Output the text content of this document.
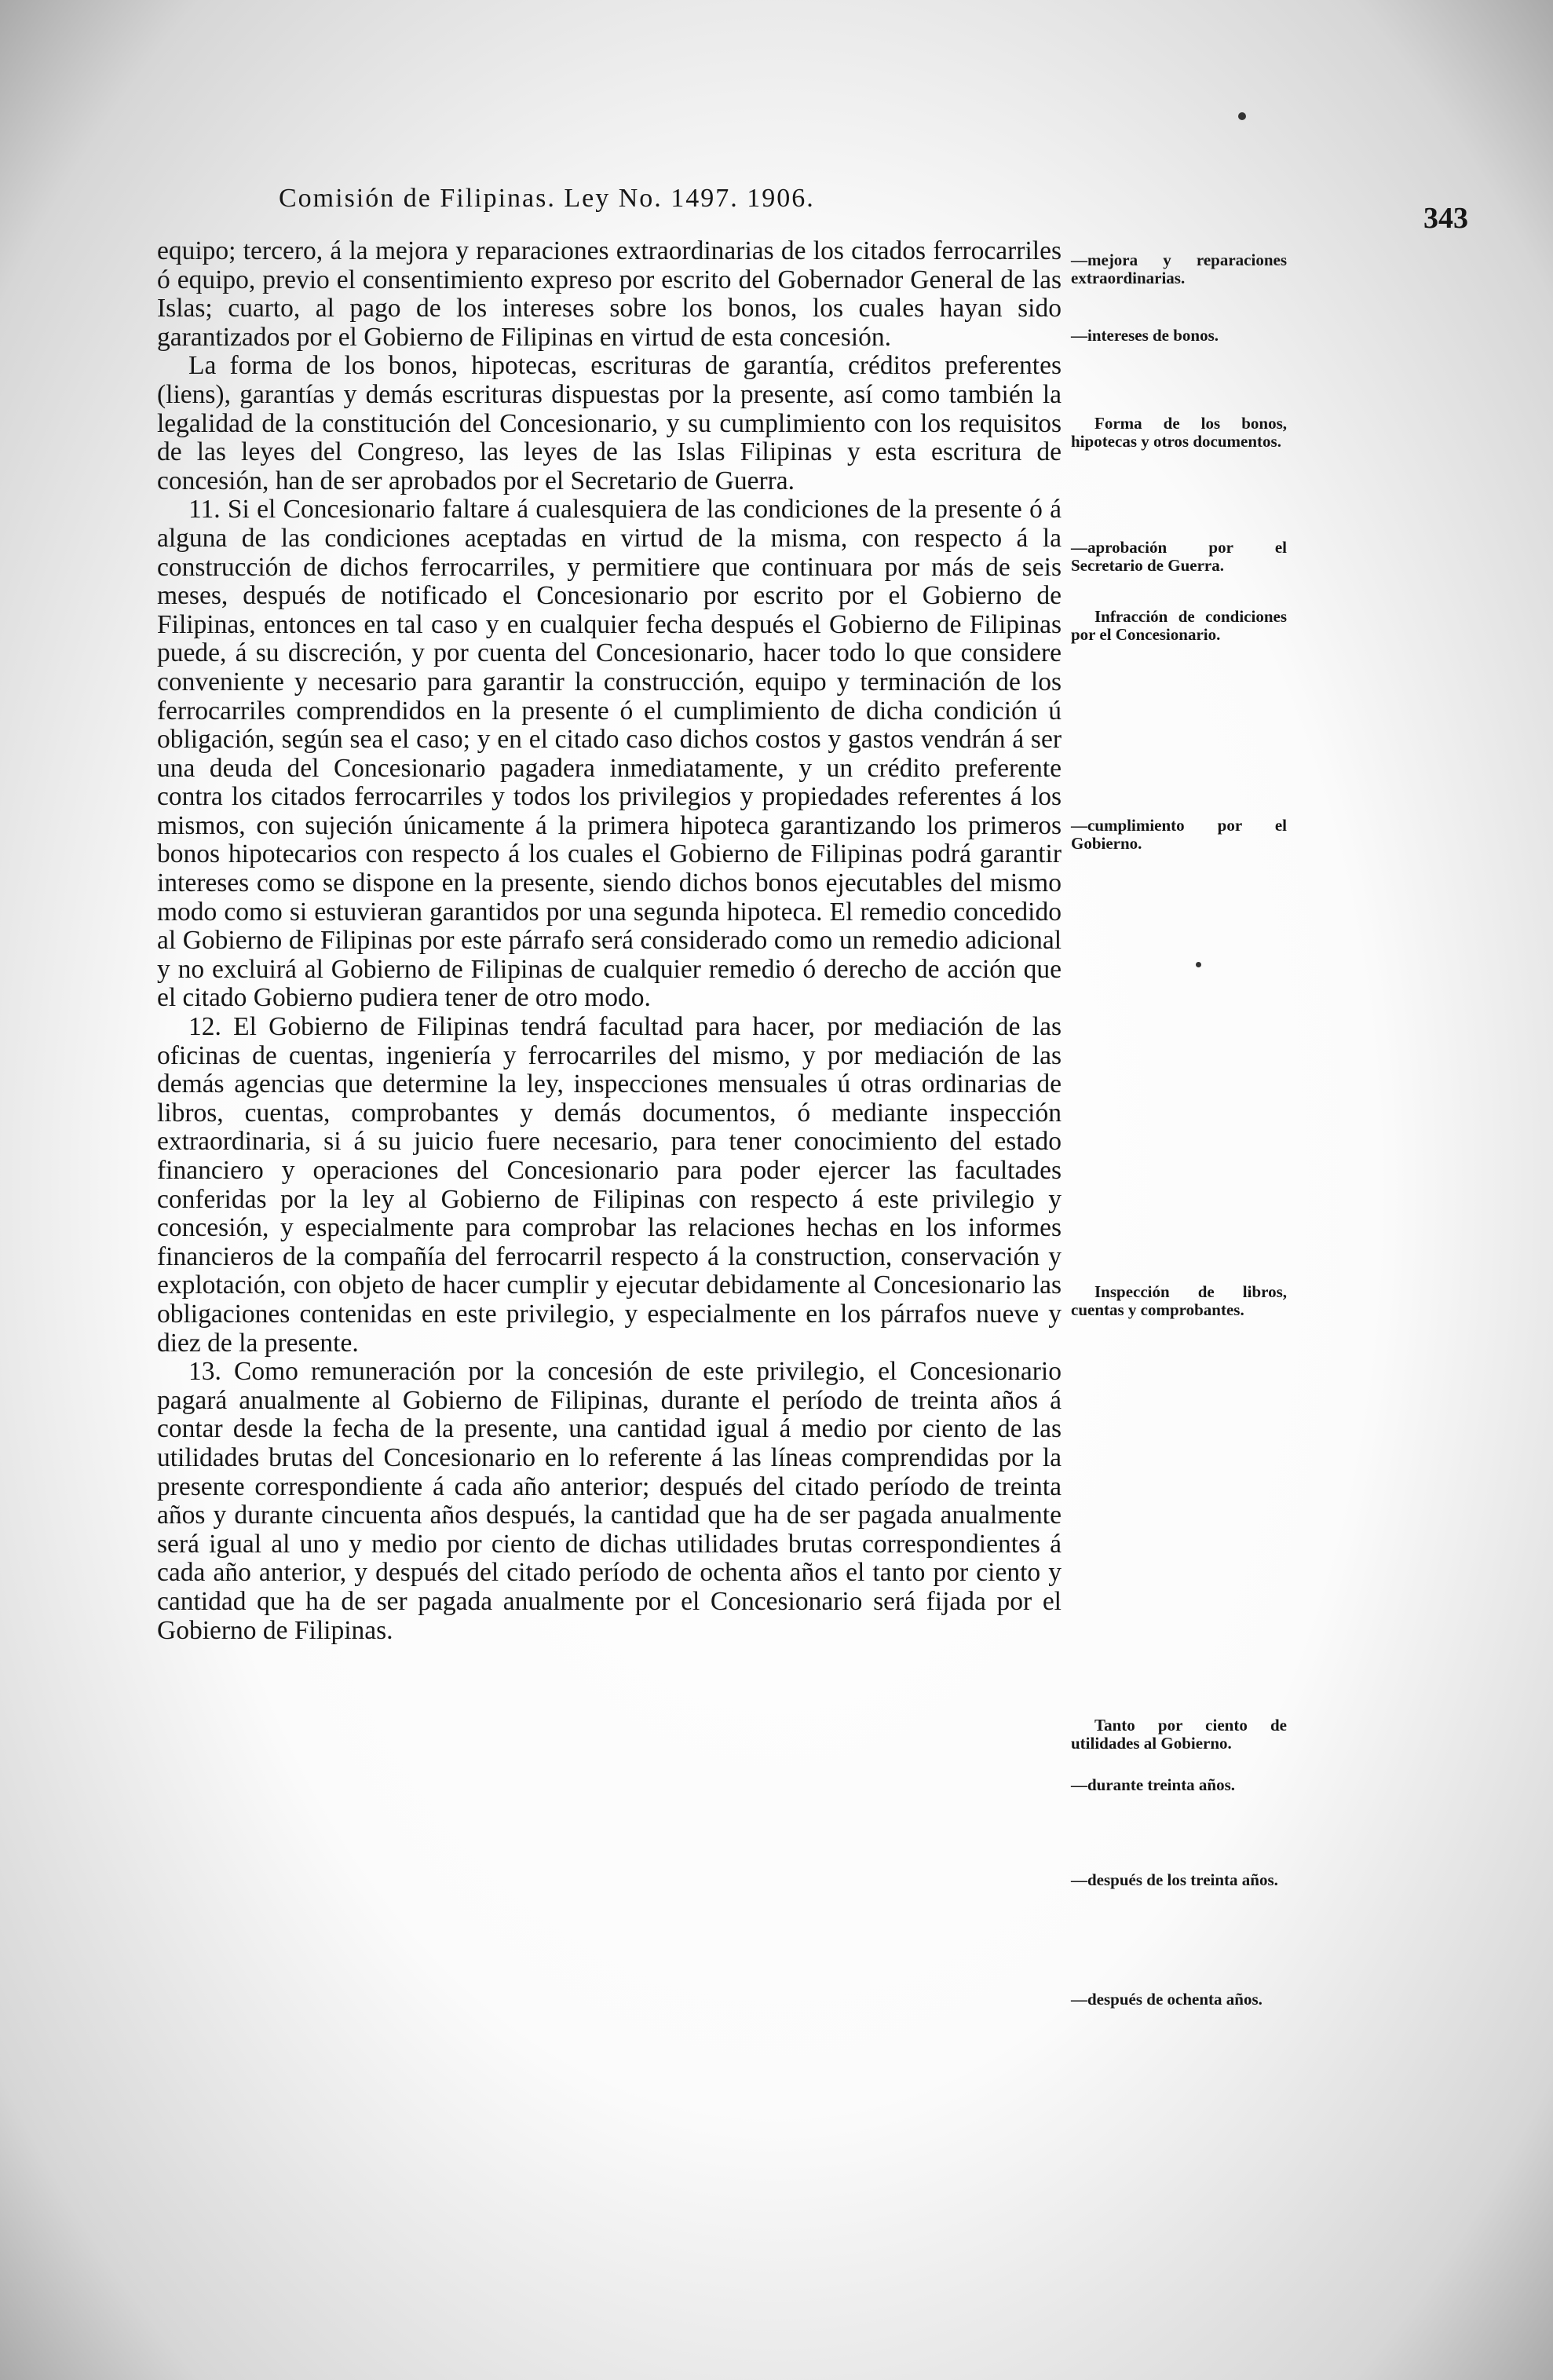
Comisión de Filipinas. Ley No. 1497. 1906.
343

equipo; tercero, á la mejora y reparaciones extraordinarias de los citados ferrocarriles ó equipo, previo el consentimiento expreso por escrito del Gobernador General de las Islas; cuarto, al pago de los intereses sobre los bonos, los cuales hayan sido garantizados por el Gobierno de Filipinas en virtud de esta concesión.

La forma de los bonos, hipotecas, escrituras de garantía, créditos preferentes (liens), garantías y demás escrituras dispuestas por la presente, así como también la legalidad de la constitución del Concesionario, y su cumplimiento con los requisitos de las leyes del Congreso, las leyes de las Islas Filipinas y esta escritura de concesión, han de ser aprobados por el Secretario de Guerra.

11. Si el Concesionario faltare á cualesquiera de las condiciones de la presente ó á alguna de las condiciones aceptadas en virtud de la misma, con respecto á la construcción de dichos ferrocarriles, y permitiere que continuara por más de seis meses, después de notificado el Concesionario por escrito por el Gobierno de Filipinas, entonces en tal caso y en cualquier fecha después el Gobierno de Filipinas puede, á su discreción, y por cuenta del Concesionario, hacer todo lo que considere conveniente y necesario para garantir la construcción, equipo y terminación de los ferrocarriles comprendidos en la presente ó el cumplimiento de dicha condición ú obligación, según sea el caso; y en el citado caso dichos costos y gastos vendrán á ser una deuda del Concesionario pagadera inmediatamente, y un crédito preferente contra los citados ferrocarriles y todos los privilegios y propiedades referentes á los mismos, con sujeción únicamente á la primera hipoteca garantizando los primeros bonos hipotecarios con respecto á los cuales el Gobierno de Filipinas podrá garantir intereses como se dispone en la presente, siendo dichos bonos ejecutables del mismo modo como si estuvieran garantidos por una segunda hipoteca. El remedio concedido al Gobierno de Filipinas por este párrafo será considerado como un remedio adicional y no excluirá al Gobierno de Filipinas de cualquier remedio ó derecho de acción que el citado Gobierno pudiera tener de otro modo.

12. El Gobierno de Filipinas tendrá facultad para hacer, por mediación de las oficinas de cuentas, ingeniería y ferrocarriles del mismo, y por mediación de las demás agencias que determine la ley, inspecciones mensuales ú otras ordinarias de libros, cuentas, comprobantes y demás documentos, ó mediante inspección extraordinaria, si á su juicio fuere necesario, para tener conocimiento del estado financiero y operaciones del Concesionario para poder ejercer las facultades conferidas por la ley al Gobierno de Filipinas con respecto á este privilegio y concesión, y especialmente para comprobar las relaciones hechas en los informes financieros de la compañía del ferrocarril respecto á la construction, conservación y explotación, con objeto de hacer cumplir y ejecutar debidamente al Concesionario las obligaciones contenidas en este privilegio, y especialmente en los párrafos nueve y diez de la presente.

13. Como remuneración por la concesión de este privilegio, el Concesionario pagará anualmente al Gobierno de Filipinas, durante el período de treinta años á contar desde la fecha de la presente, una cantidad igual á medio por ciento de las utilidades brutas del Concesionario en lo referente á las líneas comprendidas por la presente correspondiente á cada año anterior; después del citado período de treinta años y durante cincuenta años después, la cantidad que ha de ser pagada anualmente será igual al uno y medio por ciento de dichas utilidades brutas correspondientes á cada año anterior, y después del citado período de ochenta años el tanto por ciento y cantidad que ha de ser pagada anualmente por el Concesionario será fijada por el Gobierno de Filipinas.

—mejora y reparaciones extraordinarias.

—intereses de bonos.

Forma de los bonos, hipotecas y otros documentos.

—aprobación por el Secretario de Guerra.

Infracción de condiciones por el Concesionario.

—cumplimiento por el Gobierno.

Inspección de libros, cuentas y comprobantes.

Tanto por ciento de utilidades al Gobierno.

—durante treinta años.

—después de los treinta años.

—después de ochenta años.
